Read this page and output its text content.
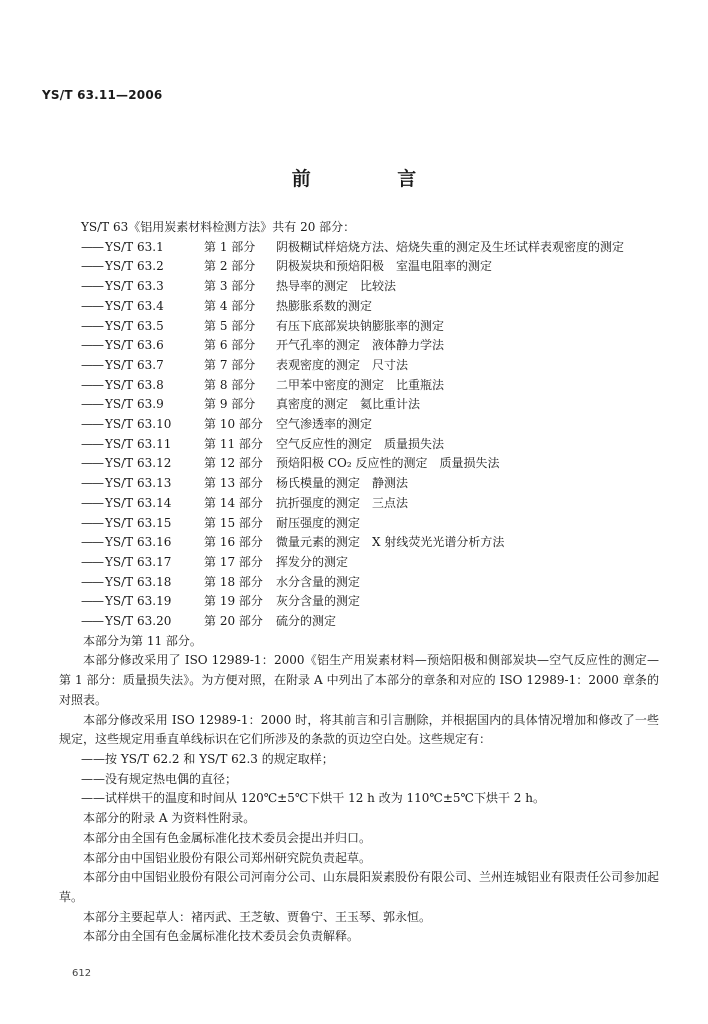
YS/T 63.11—2006
前 言

YS/T 63《铝用炭素材料检测方法》共有 20 部分：

—— YS/T 63.1	第 1 部分	阴极糊试样焙烧方法、焙烧失重的测定及生坯试样表观密度的测定
—— YS/T 63.2	第 2 部分	阴极炭块和预焙阳极　室温电阻率的测定
—— YS/T 63.3	第 3 部分	热导率的测定　比较法
—— YS/T 63.4	第 4 部分	热膨胀系数的测定
—— YS/T 63.5	第 5 部分	有压下底部炭块钠膨胀率的测定
—— YS/T 63.6	第 6 部分	开气孔率的测定　液体静力学法
—— YS/T 63.7	第 7 部分	表观密度的测定　尺寸法
—— YS/T 63.8	第 8 部分	二甲苯中密度的测定　比重瓶法
—— YS/T 63.9	第 9 部分	真密度的测定　氦比重计法
—— YS/T 63.10	第 10 部分	空气渗透率的测定
—— YS/T 63.11	第 11 部分	空气反应性的测定　质量损失法
—— YS/T 63.12	第 12 部分	预焙阳极 CO₂ 反应性的测定　质量损失法
—— YS/T 63.13	第 13 部分	杨氏模量的测定　静测法
—— YS/T 63.14	第 14 部分	抗折强度的测定　三点法
—— YS/T 63.15	第 15 部分	耐压强度的测定
—— YS/T 63.16	第 16 部分	微量元素的测定　X 射线荧光光谱分析方法
—— YS/T 63.17	第 17 部分	挥发分的测定
—— YS/T 63.18	第 18 部分	水分含量的测定
—— YS/T 63.19	第 19 部分	灰分含量的测定
—— YS/T 63.20	第 20 部分	硫分的测定

本部分为第 11 部分。

本部分修改采用了 ISO 12989-1：2000《铝生产用炭素材料—预焙阳极和侧部炭块—空气反应性的测定—第 1 部分：质量损失法》。为方便对照，在附录 A 中列出了本部分的章条和对应的 ISO 12989-1：2000 章条的对照表。

本部分修改采用 ISO 12989-1：2000 时，将其前言和引言删除，并根据国内的具体情况增加和修改了一些规定，这些规定用垂直单线标识在它们所涉及的条款的页边空白处。这些规定有：

——按 YS/T 62.2 和 YS/T 62.3 的规定取样；
——没有规定热电偶的直径；
——试样烘干的温度和时间从 120℃±5℃下烘干 12 h 改为 110℃±5℃下烘干 2 h。

本部分的附录 A 为资料性附录。

本部分由全国有色金属标准化技术委员会提出并归口。

本部分由中国铝业股份有限公司郑州研究院负责起草。

本部分由中国铝业股份有限公司河南分公司、山东晨阳炭素股份有限公司、兰州连城铝业有限责任公司参加起草。

本部分主要起草人：褚丙武、王芝敏、贾鲁宁、王玉琴、郭永恒。

本部分由全国有色金属标准化技术委员会负责解释。

612
